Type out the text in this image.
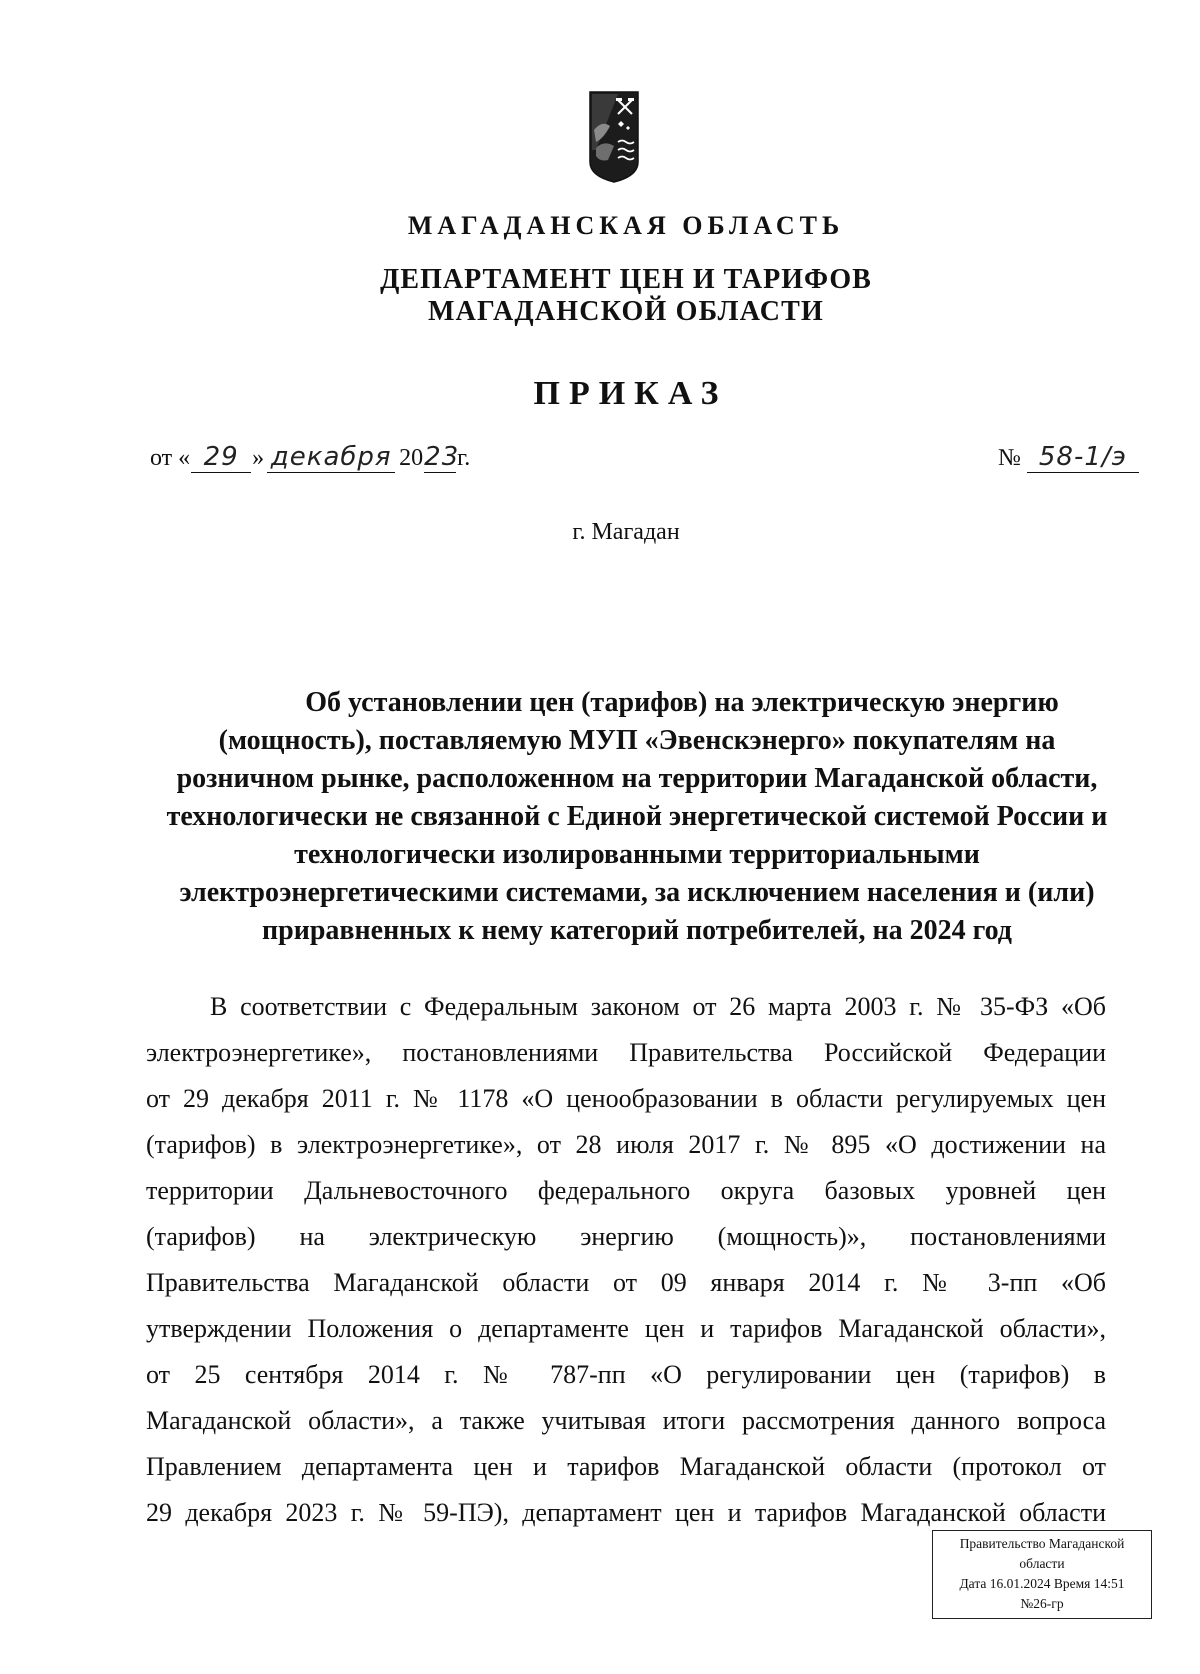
МАГАДАНСКАЯ ОБЛАСТЬ
ДЕПАРТАМЕНТ ЦЕН И ТАРИФОВ
МАГАДАНСКОЙ ОБЛАСТИ
ПРИКАЗ
от « 29 » декабря 2023г.	№ 58-1/э
г. Магадан
Об установлении цен (тарифов) на электрическую энергию
(мощность), поставляемую МУП «Эвенскэнерго» покупателям на
розничном рынке, расположенном на территории Магаданской области,
технологически не связанной с Единой энергетической системой России и
технологически изолированными территориальными
электроэнергетическими системами, за исключением населения и (или)
приравненных к нему категорий потребителей, на 2024 год
В соответствии с Федеральным законом от 26 марта 2003 г. № 35-ФЗ «Об
электроэнергетике», постановлениями Правительства Российской Федерации
от 29 декабря 2011 г. № 1178 «О ценообразовании в области регулируемых цен
(тарифов) в электроэнергетике», от 28 июля 2017 г. № 895 «О достижении на
территории Дальневосточного федерального округа базовых уровней цен
(тарифов) на электрическую энергию (мощность)», постановлениями
Правительства Магаданской области от 09 января 2014 г. № 3-пп «Об
утверждении Положения о департаменте цен и тарифов Магаданской области»,
от 25 сентября 2014 г. № 787-пп «О регулировании цен (тарифов) в
Магаданской области», а также учитывая итоги рассмотрения данного вопроса
Правлением департамента цен и тарифов Магаданской области (протокол от
29 декабря 2023 г. № 59-ПЭ), департамент цен и тарифов Магаданской области
Правительство Магаданской
области
Дата 16.01.2024 Время 14:51
№26-гр
